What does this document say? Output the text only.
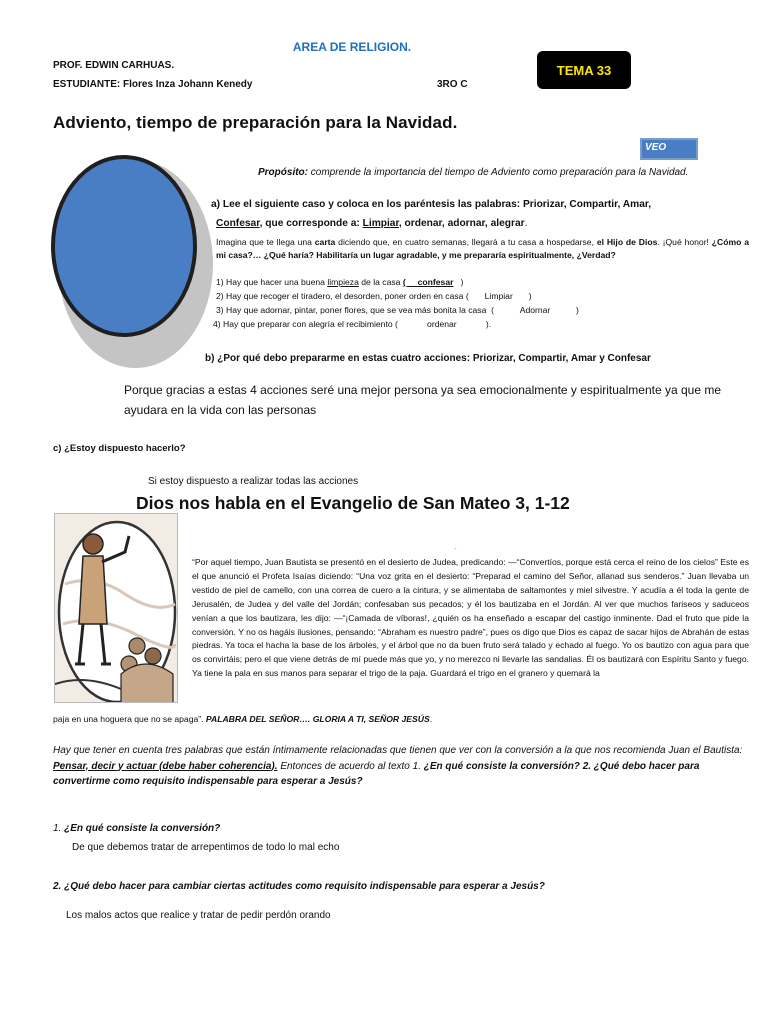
AREA DE RELIGION.
PROF. EDWIN CARHUAS.
ESTUDIANTE: Flores Inza Johann Kenedy	3RO C
TEMA 33
Adviento, tiempo de preparación para la Navidad.
VEO
Propósito: comprende la importancia del tiempo de Adviento como preparación para la Navidad.
a) Lee el siguiente caso y coloca en los paréntesis las palabras: Priorizar, Compartir, Amar,
Confesar, que corresponde a: Limpiar, ordenar, adornar, alegrar.
Imagina que te llega una carta diciendo que, en cuatro semanas, llegará a tu casa a hospedarse, el Hijo de Dios. ¡Qué honor! ¿Cómo a mi casa?… ¿Qué haría? Habilitaría un lugar agradable, y me prepararía espiritualmente, ¿Verdad?
1) Hay que hacer una buena limpieza de la casa (     confesar   )
2) Hay que recoger el tiradero, el desorden, poner orden en casa ( Limpiar )
3) Hay que adornar, pintar, poner flores, que se vea más bonita la casa  (	Adornar	)
4) Hay que preparar con alegría el recibimiento (	ordenar	).
b) ¿Por qué debo prepararme en estas cuatro acciones: Priorizar, Compartir, Amar y Confesar
Porque gracias a estas 4 acciones seré una mejor persona ya sea emocionalmente y espiritualmente ya que me ayudara en la vida con las personas
c) ¿Estoy dispuesto hacerlo?
Si estoy dispuesto a realizar todas las acciones
Dios nos habla en el Evangelio de San Mateo 3, 1-12
.
“Por aquel tiempo, Juan Bautista se presentó en el desierto de Judea, predicando: —“Convertíos, porque está cerca el reino de los cielos” Este es el que anunció el Profeta Isaías diciendo: “Una voz grita en el desierto: “Preparad el camino del Señor, allanad sus senderos.” Juan llevaba un vestido de piel de camello, con una correa de cuero a la cintura, y se alimentaba de saltamontes y miel silvestre. Y acudía a él toda la gente de Jerusalén, de Judea y del valle del Jordán; confesaban sus pecados; y él los bautizaba en el Jordán. Al ver que muchos fariseos y saduceos venían a que los bautizara, les dijo: —“¡Camada de víboras!, ¿quién os ha enseñado a escapar del castigo inminente. Dad el fruto que pide la conversión. Y no os hagáis ilusiones, pensando: “Abraham es nuestro padre”, pues os digo que Dios es capaz de sacar hijos de Abrahán de estas piedras. Ya toca el hacha la base de los árboles, y el árbol que no da buen fruto será talado y echado al fuego. Yo os bautizo con agua para que os convirtáis; pero el que viene detrás de mí puede más que yo, y no merezco ni llevarle las sandalias. Él os bautizará con Espíritu Santo y fuego. Ya tiene la pala en sus manos para separar el trigo de la paja. Guardará el trigo en el granero y quemará la
paja en una hoguera que no se apaga”. PALABRA DEL SEÑOR…. GLORIA A TI, SEÑOR JESÚS.
Hay que tener en cuenta tres palabras que están íntimamente relacionadas que tienen que ver con la conversión a la que nos recomienda Juan el Bautista: Pensar, decir y actuar (debe haber coherencia). Entonces de acuerdo al texto 1. ¿En qué consiste la conversión? 2. ¿Qué debo hacer para convertirme como requisito indispensable para esperar a Jesús?
1. ¿En qué consiste la conversión?
De que debemos tratar de arrepentimos de todo lo mal echo
2. ¿Qué debo hacer para cambiar ciertas actitudes como requisito indispensable para esperar a Jesús?
Los malos actos que realice y tratar de pedir perdón orando
